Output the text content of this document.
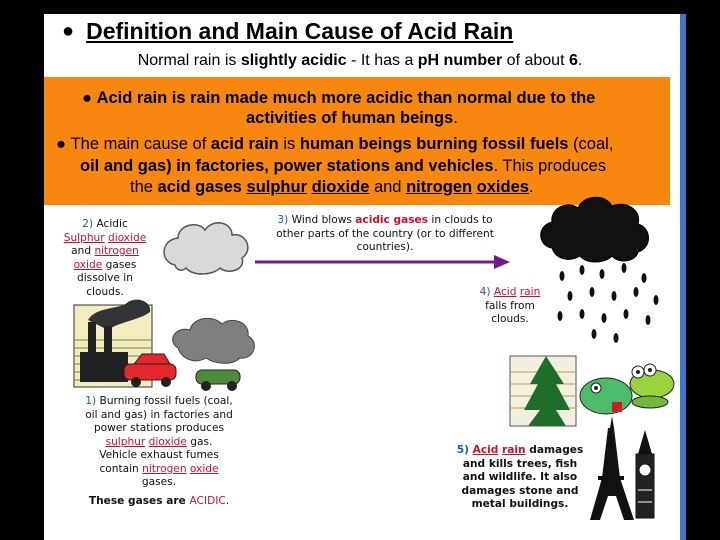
● Definition and Main Cause of Acid Rain
Normal rain is slightly acidic - It has a pH number of about 6.
● Acid rain is rain made much more acidic than normal due to the
activities of human beings.
● The main cause of acid rain is human beings burning fossil fuels (coal,
oil and gas) in factories, power stations and vehicles. This produces
the acid gases sulphur dioxide and nitrogen oxides.
2) Acidic
Sulphur dioxide
and nitrogen
oxide gases
dissolve in
clouds.
3) Wind blows acidic gases in clouds to
other parts of the country (or to different
countries).
4) Acid rain
falls from
clouds.
1) Burning fossil fuels (coal,
oil and gas) in factories and
power stations produces
sulphur dioxide gas.
Vehicle exhaust fumes
contain nitrogen oxide
gases.
These gases are ACIDIC.
5) Acid rain damages
and kills trees, fish
and wildlife. It also
damages stone and
metal buildings.
